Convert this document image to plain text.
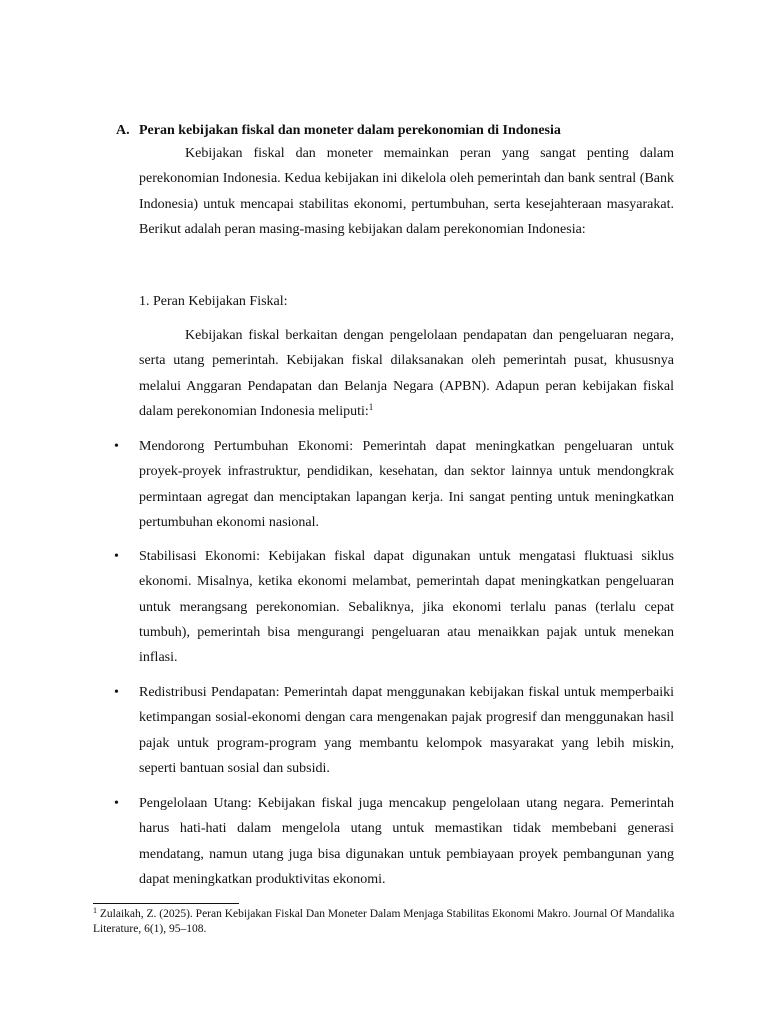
A. Peran kebijakan fiskal dan moneter dalam perekonomian di Indonesia

Kebijakan fiskal dan moneter memainkan peran yang sangat penting dalam perekonomian Indonesia. Kedua kebijakan ini dikelola oleh pemerintah dan bank sentral (Bank Indonesia) untuk mencapai stabilitas ekonomi, pertumbuhan, serta kesejahteraan masyarakat. Berikut adalah peran masing-masing kebijakan dalam perekonomian Indonesia:

1. Peran Kebijakan Fiskal:

Kebijakan fiskal berkaitan dengan pengelolaan pendapatan dan pengeluaran negara, serta utang pemerintah. Kebijakan fiskal dilaksanakan oleh pemerintah pusat, khususnya melalui Anggaran Pendapatan dan Belanja Negara (APBN). Adapun peran kebijakan fiskal dalam perekonomian Indonesia meliputi:$^1$

• Mendorong Pertumbuhan Ekonomi: Pemerintah dapat meningkatkan pengeluaran untuk proyek-proyek infrastruktur, pendidikan, kesehatan, dan sektor lainnya untuk mendongkrak permintaan agregat dan menciptakan lapangan kerja. Ini sangat penting untuk meningkatkan pertumbuhan ekonomi nasional.

• Stabilisasi Ekonomi: Kebijakan fiskal dapat digunakan untuk mengatasi fluktuasi siklus ekonomi. Misalnya, ketika ekonomi melambat, pemerintah dapat meningkatkan pengeluaran untuk merangsang perekonomian. Sebaliknya, jika ekonomi terlalu panas (terlalu cepat tumbuh), pemerintah bisa mengurangi pengeluaran atau menaikkan pajak untuk menekan inflasi.

• Redistribusi Pendapatan: Pemerintah dapat menggunakan kebijakan fiskal untuk memperbaiki ketimpangan sosial-ekonomi dengan cara mengenakan pajak progresif dan menggunakan hasil pajak untuk program-program yang membantu kelompok masyarakat yang lebih miskin, seperti bantuan sosial dan subsidi.

• Pengelolaan Utang: Kebijakan fiskal juga mencakup pengelolaan utang negara. Pemerintah harus hati-hati dalam mengelola utang untuk memastikan tidak membebani generasi mendatang, namun utang juga bisa digunakan untuk pembiayaan proyek pembangunan yang dapat meningkatkan produktivitas ekonomi.

$^1$ Zulaikah, Z. (2025). Peran Kebijakan Fiskal Dan Moneter Dalam Menjaga Stabilitas Ekonomi Makro. Journal Of Mandalika Literature, 6(1), 95–108.
